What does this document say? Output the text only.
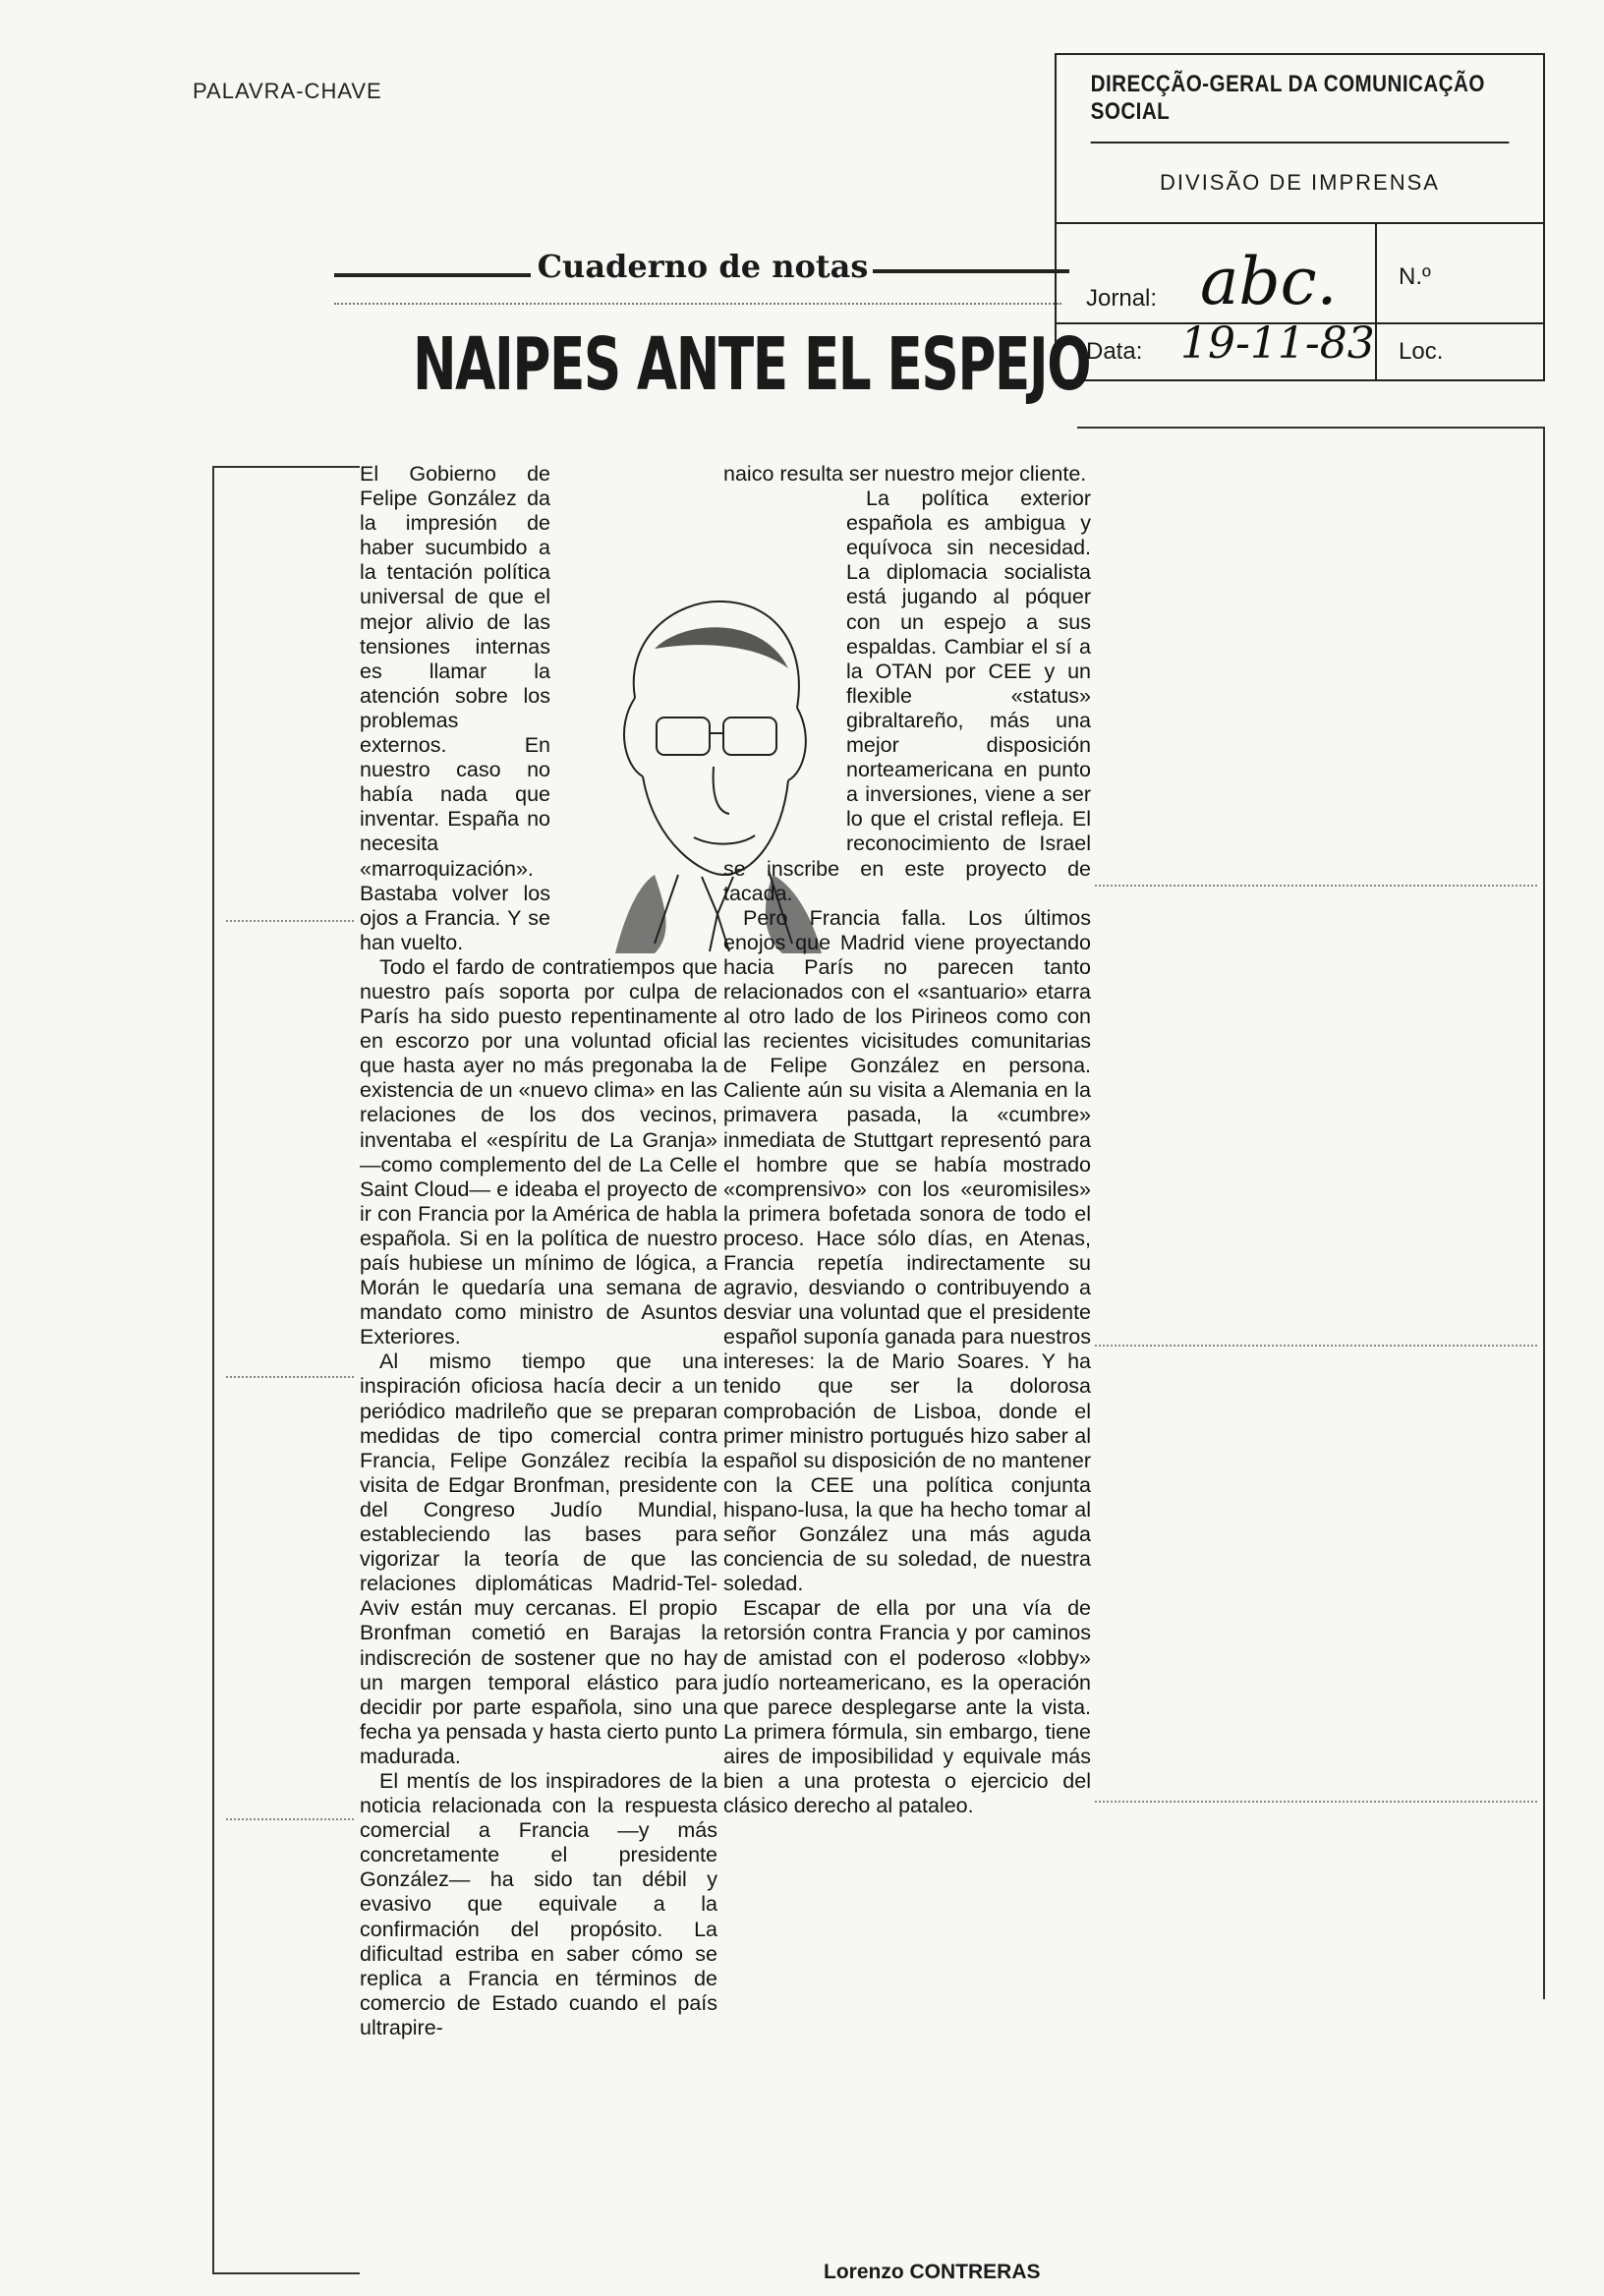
PALAVRA-CHAVE	DIRECÇÃO-GERAL DA COMUNICAÇÃO SOCIAL
DIVISÃO DE IMPRENSA
Jornal: abc.	N.º
Data: 19-11-83 Loc.
Cuaderno de notas
NAIPES ANTE EL ESPEJO

El Gobierno de Felipe González da la impresión de haber sucumbido a la tentación política universal de que el mejor alivio de las tensiones internas es llamar la atención sobre los problemas externos. En nuestro caso no había nada que inventar. España no necesita «marroquización». Bastaba volver los ojos a Francia. Y se han vuelto.

Todo el fardo de contratiempos que nuestro país soporta por culpa de París ha sido puesto repentinamente en escorzo por una voluntad oficial que hasta ayer no más pregonaba la existencia de un «nuevo clima» en las relaciones de los dos vecinos, inventaba el «espíritu de La Granja» —como complemento del de La Celle Saint Cloud— e ideaba el proyecto de ir con Francia por la América de habla española. Si en la política de nuestro país hubiese un mínimo de lógica, a Morán le quedaría una semana de mandato como ministro de Asuntos Exteriores.

Al mismo tiempo que una inspiración oficiosa hacía decir a un periódico madrileño que se preparan medidas de tipo comercial contra Francia, Felipe González recibía la visita de Edgar Bronfman, presidente del Congreso Judío Mundial, estableciendo las bases para vigorizar la teoría de que las relaciones diplomáticas Madrid-Tel-Aviv están muy cercanas. El propio Bronfman cometió en Barajas la indiscreción de sostener que no hay un margen temporal elástico para decidir por parte española, sino una fecha ya pensada y hasta cierto punto madurada.

El mentís de los inspiradores de la noticia relacionada con la respuesta comercial a Francia —y más concretamente el presidente González— ha sido tan débil y evasivo que equivale a la confirmación del propósito. La dificultad estriba en saber cómo se replica a Francia en términos de comercio de Estado cuando el país ultrapire-

naico resulta ser nuestro mejor cliente.

La política exterior española es ambigua y equívoca sin necesidad. La diplomacia socialista está jugando al póquer con un espejo a sus espaldas. Cambiar el sí a la OTAN por CEE y un flexible «status» gibraltareño, más una mejor disposición norteamericana en punto a inversiones, viene a ser lo que el cristal refleja. El reconocimiento de Israel se inscribe en este proyecto de tacada.

Pero Francia falla. Los últimos enojos que Madrid viene proyectando hacia París no parecen tanto relacionados con el «santuario» etarra al otro lado de los Pirineos como con las recientes vicisitudes comunitarias de Felipe González en persona. Caliente aún su visita a Alemania en la primavera pasada, la «cumbre» inmediata de Stuttgart representó para el hombre que se había mostrado «comprensivo» con los «euromisiles» la primera bofetada sonora de todo el proceso. Hace sólo días, en Atenas, Francia repetía indirectamente su agravio, desviando o contribuyendo a desviar una voluntad que el presidente español suponía ganada para nuestros intereses: la de Mario Soares. Y ha tenido que ser la dolorosa comprobación de Lisboa, donde el primer ministro portugués hizo saber al español su disposición de no mantener con la CEE una política conjunta hispano-lusa, la que ha hecho tomar al señor González una más aguda conciencia de su soledad, de nuestra soledad.

Escapar de ella por una vía de retorsión contra Francia y por caminos de amistad con el poderoso «lobby» judío norteamericano, es la operación que parece desplegarse ante la vista. La primera fórmula, sin embargo, tiene aires de imposibilidad y equivale más bien a una protesta o ejercicio del clásico derecho al pataleo.

Lorenzo CONTRERAS
